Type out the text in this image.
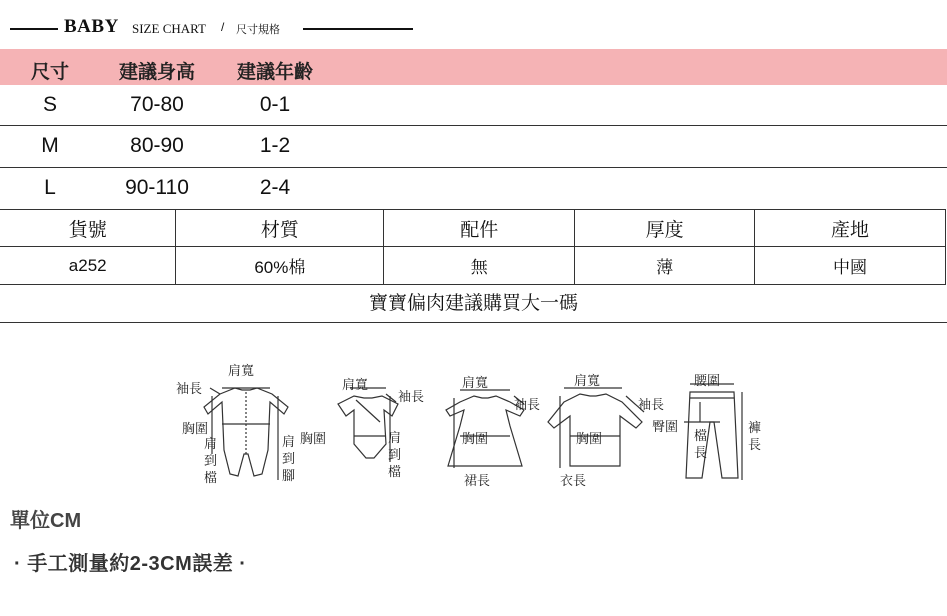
BABY SIZE CHART / 尺寸規格
尺寸	建議身高	建議年齡
S	70-80	0-1
M	80-90	1-2
L	90-110	2-4
貨號	材質	配件	厚度	產地
a252	60%棉	無	薄	中國
寶寶偏肉建議購買大一碼
肩寬
袖長
胸圍
肩到檔
肩到腳
肩寬
袖長
胸圍	肩到檔
肩寬
袖長
胸圍
裙長
肩寬
袖長
胸圍
衣長
腰圍
臀圍
檔長
褲長
單位CM
· 手工測量約2-3CM誤差 ·
